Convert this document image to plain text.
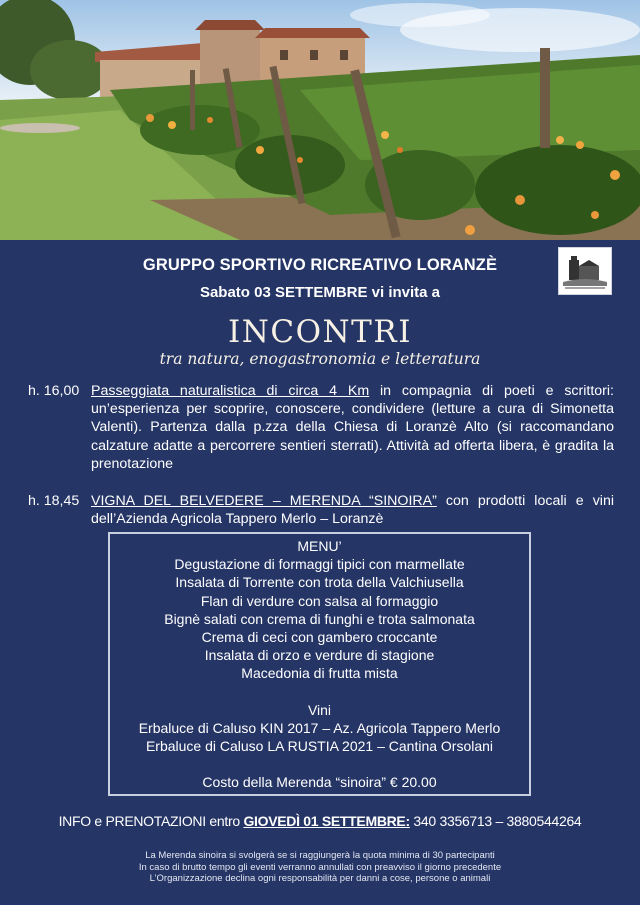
GRUPPO SPORTIVO RICREATIVO LORANZÈ
Sabato 03 SETTEMBRE vi invita a
INCONTRI
tra natura, enogastronomia e letteratura
h. 16,00 Passeggiata naturalistica di circa 4 Km in compagnia di poeti e scrittori: un’esperienza per scoprire, conoscere, condividere (letture a cura di Simonetta Valenti). Partenza dalla p.zza della Chiesa di Loranzè Alto (si raccomandano calzature adatte a percorrere sentieri sterrati). Attività ad offerta libera, è gradita la prenotazione
h. 18,45 VIGNA DEL BELVEDERE – MERENDA “SINOIRA” con prodotti locali e vini dell’Azienda Agricola Tappero Merlo – Loranzè
MENU’
Degustazione di formaggi tipici con marmellate
Insalata di Torrente con trota della Valchiusella
Flan di verdure con salsa al formaggio
Bignè salati con crema di funghi e trota salmonata
Crema di ceci con gambero croccante
Insalata di orzo e verdure di stagione
Macedonia di frutta mista
Vini
Erbaluce di Caluso KIN 2017 – Az. Agricola Tappero Merlo
Erbaluce di Caluso LA RUSTIA 2021 – Cantina Orsolani
Costo della Merenda “sinoira” € 20.00
INFO e PRENOTAZIONI entro GIOVEDÌ 01 SETTEMBRE: 340 3356713 – 3880544264
La Merenda sinoira si svolgerà se si raggiungerà la quota minima di 30 partecipanti
In caso di brutto tempo gli eventi verranno annullati con preavviso il giorno precedente
L’Organizzazione declina ogni responsabilità per danni a cose, persone o animali
